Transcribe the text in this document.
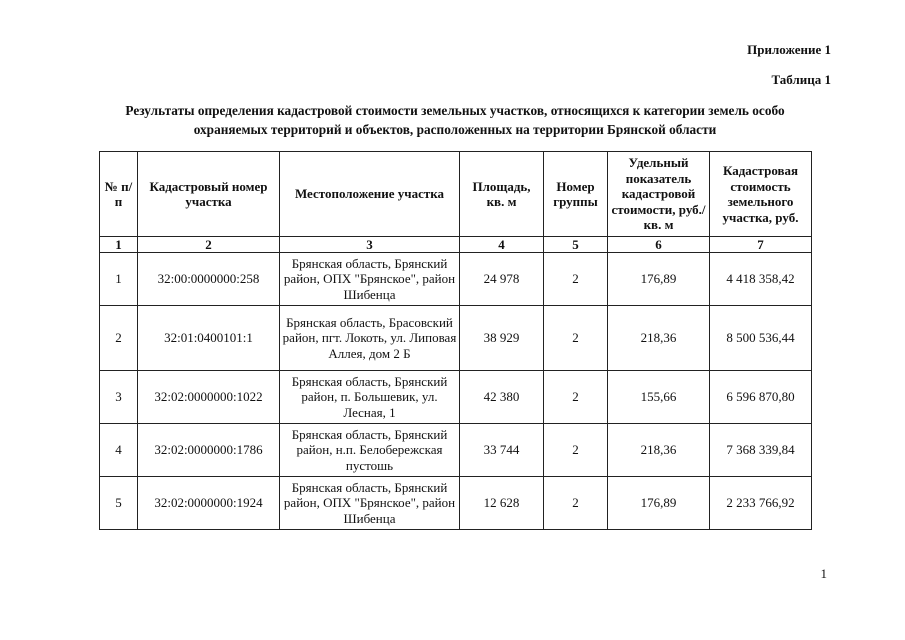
Приложение 1
Таблица 1
Результаты определения кадастровой стоимости земельных участков, относящихся к категории земель особо охраняемых территорий и объектов, расположенных на территории Брянской области
№ п/п	Кадастровый номер участка	Местоположение участка	Площадь, кв. м	Номер группы	Удельный показатель кадастровой стоимости, руб./кв. м	Кадастровая стоимость земельного участка, руб.
1	2	3	4	5	6	7
1	32:00:0000000:258	Брянская область, Брянский район, ОПХ "Брянское", район Шибенца	24 978	2	176,89	4 418 358,42
2	32:01:0400101:1	Брянская область, Брасовский район, пгт. Локоть, ул. Липовая Аллея, дом 2 Б	38 929	2	218,36	8 500 536,44
3	32:02:0000000:1022	Брянская область, Брянский район, п. Большевик, ул. Лесная, 1	42 380	2	155,66	6 596 870,80
4	32:02:0000000:1786	Брянская область, Брянский район, н.п. Белобережская пустошь	33 744	2	218,36	7 368 339,84
5	32:02:0000000:1924	Брянская область, Брянский район, ОПХ "Брянское", район Шибенца	12 628	2	176,89	2 233 766,92
1
